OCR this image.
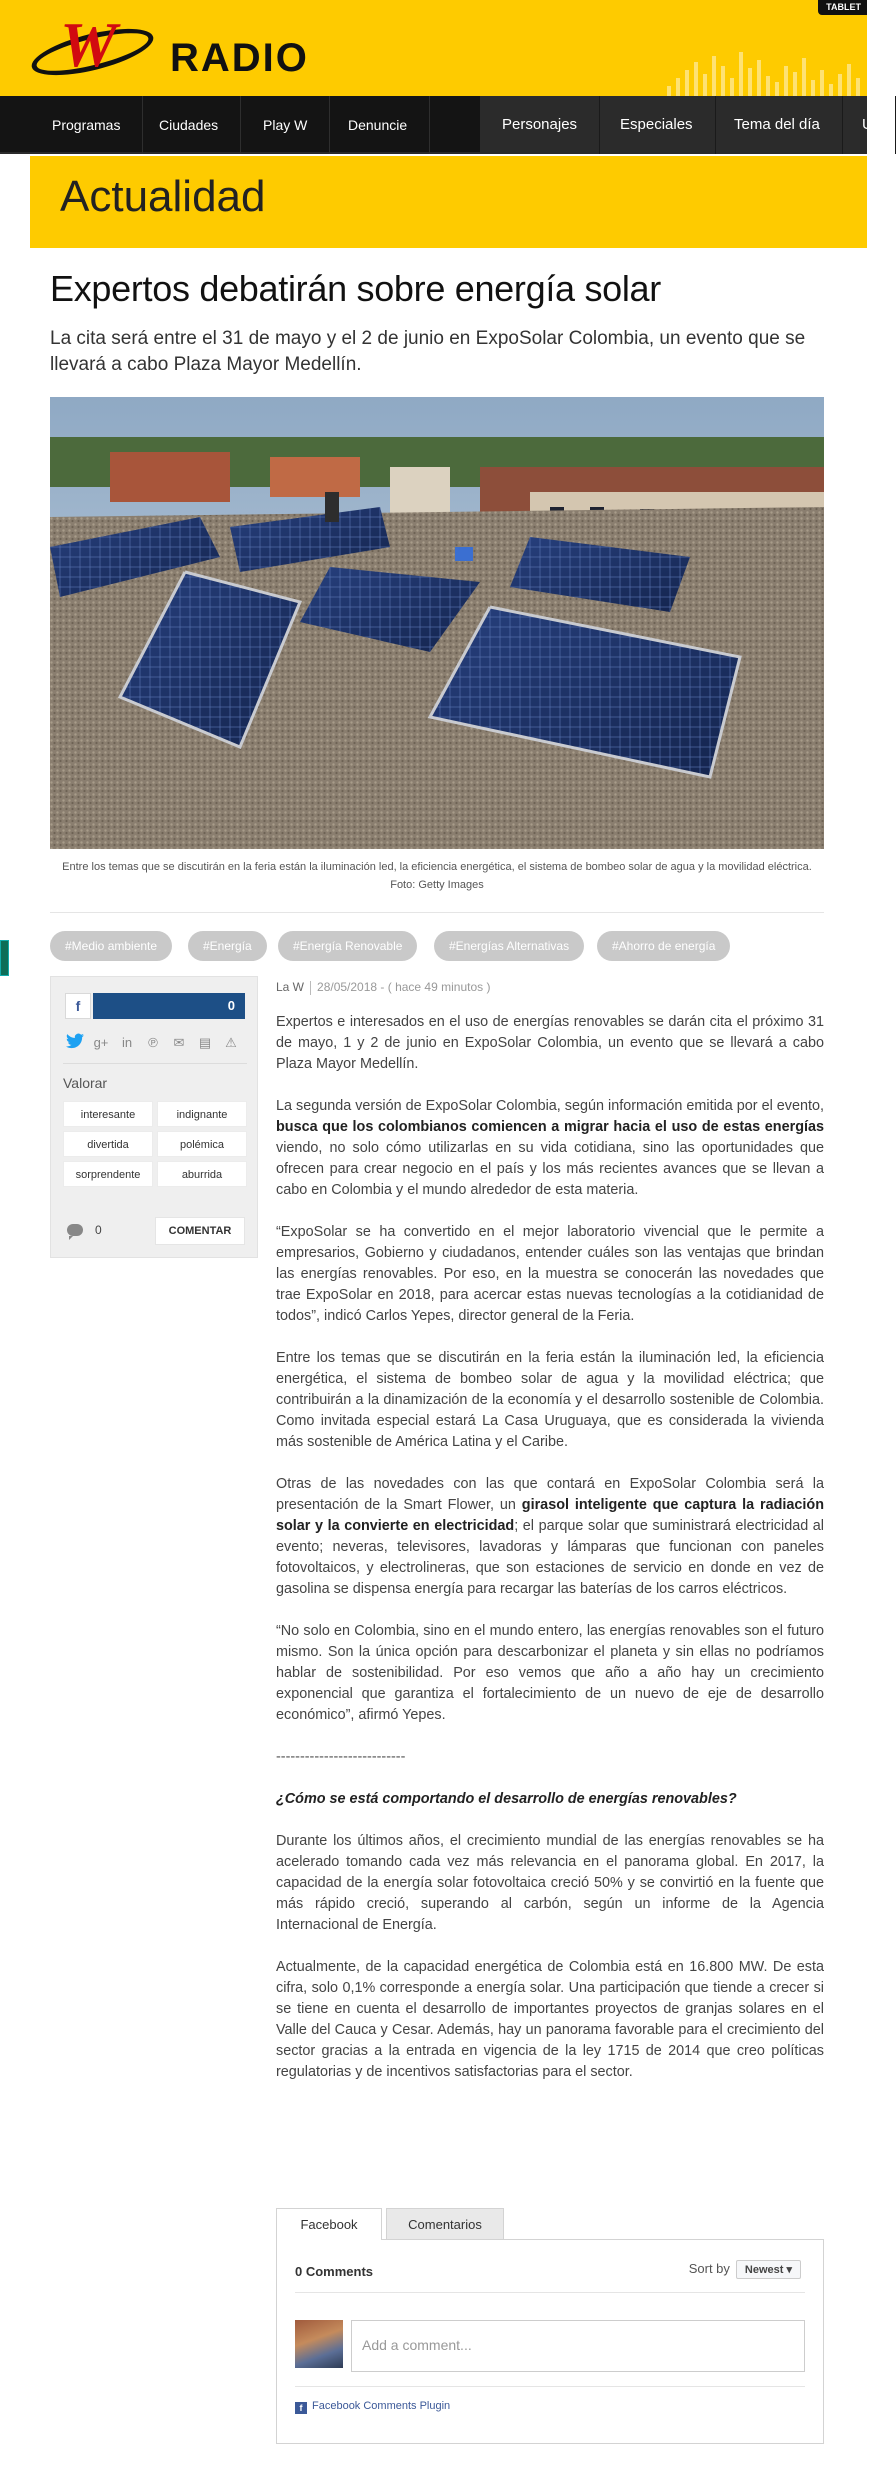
W RADIO
TABLET
Programas	Ciudades	Play W	Denuncie	Personajes	Especiales	Tema del día	U
Actualidad
Expertos debatirán sobre energía solar
La cita será entre el 31 de mayo y el 2 de junio en ExpoSolar Colombia, un evento que se llevará a cabo Plaza Mayor Medellín.
Entre los temas que se discutirán en la feria están la iluminación led, la eficiencia energética, el sistema de bombeo solar de agua y la movilidad eléctrica. Foto: Getty Images
#Medio ambiente	#Energía	#Energía Renovable	#Energías Alternativas	#Ahorro de energía
f	0
g+	in	℗	✉	▤	⚠
Valorar
interesante	indignante
divertida	polémica
sorprendente	aburrida
0	COMENTAR
La W 28/05/2018 - ( hace 49 minutos )

Expertos e interesados en el uso de energías renovables se darán cita el próximo 31 de mayo, 1 y 2 de junio en ExpoSolar Colombia, un evento que se llevará a cabo Plaza Mayor Medellín.

La segunda versión de ExpoSolar Colombia, según información emitida por el evento, busca que los colombianos comiencen a migrar hacia el uso de estas energías viendo, no solo cómo utilizarlas en su vida cotidiana, sino las oportunidades que ofrecen para crear negocio en el país y los más recientes avances que se llevan a cabo en Colombia y el mundo alrededor de esta materia.

“ExpoSolar se ha convertido en el mejor laboratorio vivencial que le permite a empresarios, Gobierno y ciudadanos, entender cuáles son las ventajas que brindan las energías renovables. Por eso, en la muestra se conocerán las novedades que trae ExpoSolar en 2018, para acercar estas nuevas tecnologías a la cotidianidad de todos”, indicó Carlos Yepes, director general de la Feria.

Entre los temas que se discutirán en la feria están la iluminación led, la eficiencia energética, el sistema de bombeo solar de agua y la movilidad eléctrica; que contribuirán a la dinamización de la economía y el desarrollo sostenible de Colombia. Como invitada especial estará La Casa Uruguaya, que es considerada la vivienda más sostenible de América Latina y el Caribe.

Otras de las novedades con las que contará en ExpoSolar Colombia será la presentación de la Smart Flower, un girasol inteligente que captura la radiación solar y la convierte en electricidad; el parque solar que suministrará electricidad al evento; neveras, televisores, lavadoras y lámparas que funcionan con paneles fotovoltaicos, y electrolineras, que son estaciones de servicio en donde en vez de gasolina se dispensa energía para recargar las baterías de los carros eléctricos.

“No solo en Colombia, sino en el mundo entero, las energías renovables son el futuro mismo. Son la única opción para descarbonizar el planeta y sin ellas no podríamos hablar de sostenibilidad. Por eso vemos que año a año hay un crecimiento exponencial que garantiza el fortalecimiento de un nuevo de eje de desarrollo económico”, afirmó Yepes.

---------------------------

¿Cómo se está comportando el desarrollo de energías renovables?

Durante los últimos años, el crecimiento mundial de las energías renovables se ha acelerado tomando cada vez más relevancia en el panorama global. En 2017, la capacidad de la energía solar fotovoltaica creció 50% y se convirtió en la fuente que más rápido creció, superando al carbón, según un informe de la Agencia Internacional de Energía.

Actualmente, de la capacidad energética de Colombia está en 16.800 MW. De esta cifra, solo 0,1% corresponde a energía solar. Una participación que tiende a crecer si se tiene en cuenta el desarrollo de importantes proyectos de granjas solares en el Valle del Cauca y Cesar. Además, hay un panorama favorable para el crecimiento del sector gracias a la entrada en vigencia de la ley 1715 de 2014 que creo políticas regulatorias y de incentivos satisfactorias para el sector.

Facebook	Comentarios
0 Comments	Sort by Newest ▾
Add a comment...
f Facebook Comments Plugin
